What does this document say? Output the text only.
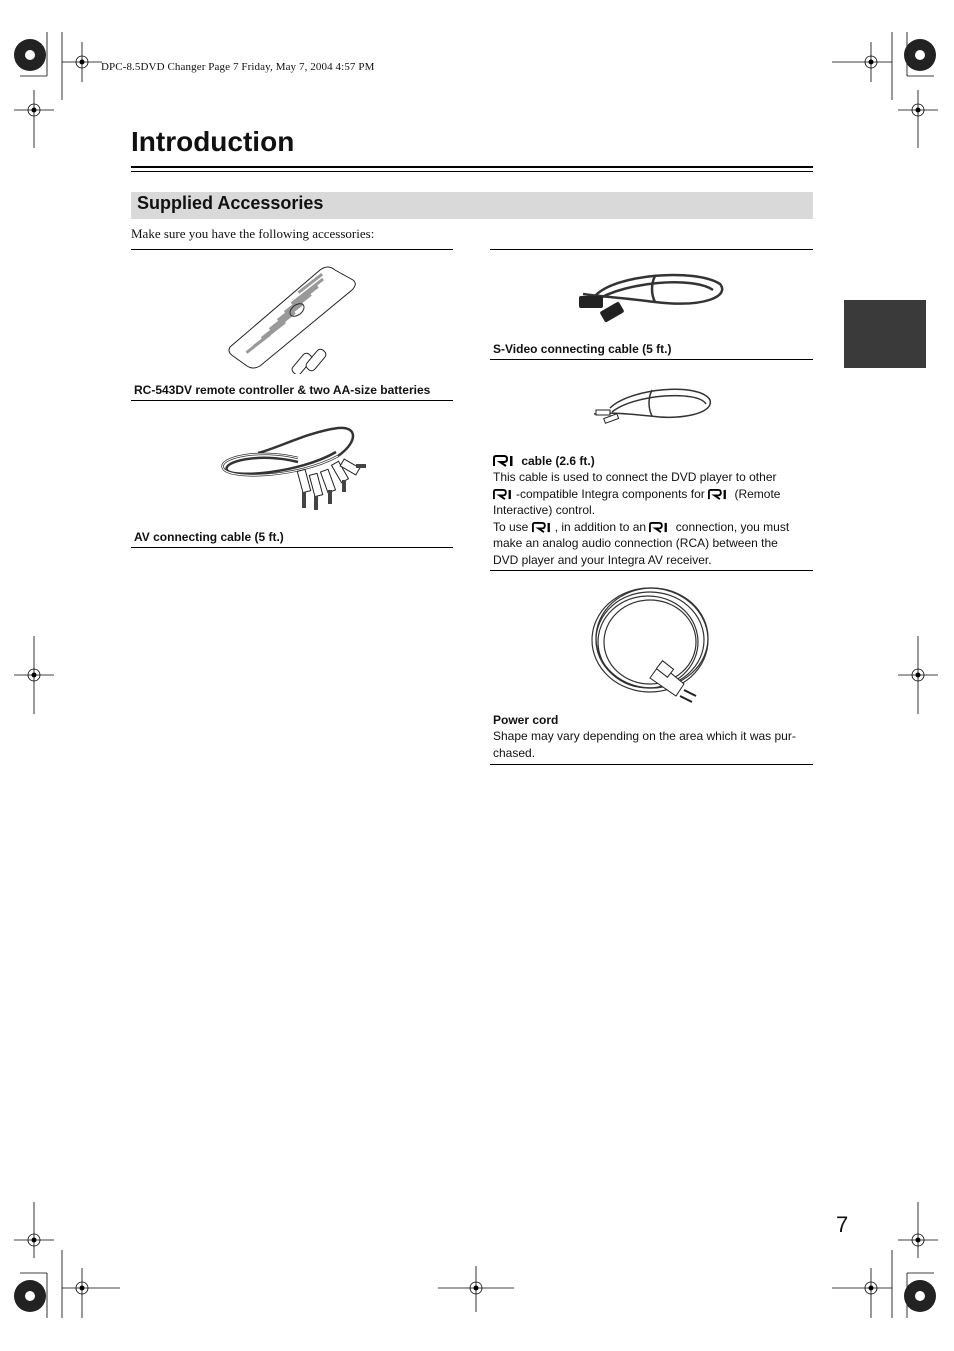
DPC-8.5DVD Changer Page 7 Friday, May 7, 2004 4:57 PM
Introduction
Supplied Accessories
Make sure you have the following accessories:
RC-543DV remote controller & two AA-size batteries
AV connecting cable (5 ft.)
S-Video connecting cable (5 ft.)
cable (2.6 ft.)
This cable is used to connect the DVD player to other
-compatible Integra components for  (Remote
Interactive) control.
To use , in addition to an  connection, you must
make an analog audio connection (RCA) between the
DVD player and your Integra AV receiver.
Power cord
Shape may vary depending on the area which it was pur-
chased.
7
